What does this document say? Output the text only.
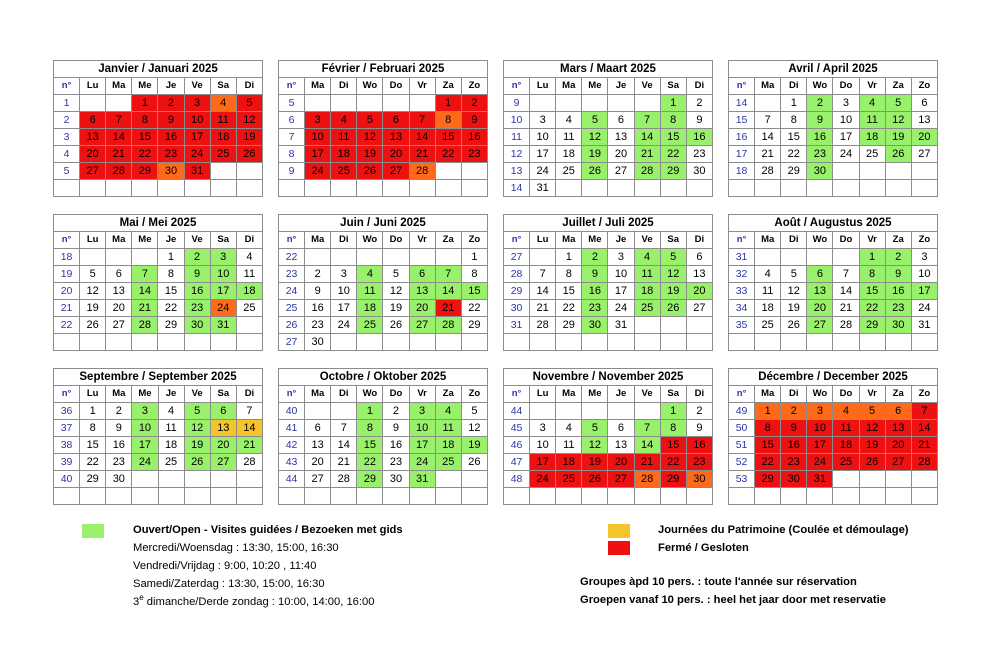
Janvier / Januari 2025							
n°	Lu	Ma	Me	Je	Ve	Sa	Di
1			1	2	3	4	5
2	6	7	8	9	10	11	12
3	13	14	15	16	17	18	19
4	20	21	22	23	24	25	26
5	27	28	29	30	31		

Février / Februari 2025							
n°	Ma	Di	Wo	Do	Vr	Za	Zo
5						1	2
6	3	4	5	6	7	8	9
7	10	11	12	13	14	15	16
8	17	18	19	20	21	22	23
9	24	25	26	27	28		

Mars / Maart 2025							
n°	Lu	Ma	Me	Je	Ve	Sa	Di
9						1	2
10	3	4	5	6	7	8	9
11	10	11	12	13	14	15	16
12	17	18	19	20	21	22	23
13	24	25	26	27	28	29	30
14	31						
Avril / April 2025							
n°	Ma	Di	Wo	Do	Vr	Za	Zo
14		1	2	3	4	5	6
15	7	8	9	10	11	12	13
16	14	15	16	17	18	19	20
17	21	22	23	24	25	26	27
18	28	29	30				

Mai / Mei 2025							
n°	Lu	Ma	Me	Je	Ve	Sa	Di
18				1	2	3	4
19	5	6	7	8	9	10	11
20	12	13	14	15	16	17	18
21	19	20	21	22	23	24	25
22	26	27	28	29	30	31	

Juin / Juni 2025							
n°	Ma	Di	Wo	Do	Vr	Za	Zo
22							1
23	2	3	4	5	6	7	8
24	9	10	11	12	13	14	15
25	16	17	18	19	20	21	22
26	23	24	25	26	27	28	29
27	30						
Juillet / Juli 2025							
n°	Lu	Ma	Me	Je	Ve	Sa	Di
27		1	2	3	4	5	6
28	7	8	9	10	11	12	13
29	14	15	16	17	18	19	20
30	21	22	23	24	25	26	27
31	28	29	30	31			

Août / Augustus 2025							
n°	Ma	Di	Wo	Do	Vr	Za	Zo
31					1	2	3
32	4	5	6	7	8	9	10
33	11	12	13	14	15	16	17
34	18	19	20	21	22	23	24
35	25	26	27	28	29	30	31

Septembre / September 2025							
n°	Lu	Ma	Me	Je	Ve	Sa	Di
36	1	2	3	4	5	6	7
37	8	9	10	11	12	13	14
38	15	16	17	18	19	20	21
39	22	23	24	25	26	27	28
40	29	30					

Octobre / Oktober 2025							
n°	Ma	Di	Wo	Do	Vr	Za	Zo
40			1	2	3	4	5
41	6	7	8	9	10	11	12
42	13	14	15	16	17	18	19
43	20	21	22	23	24	25	26
44	27	28	29	30	31		

Novembre / November 2025							
n°	Lu	Ma	Me	Je	Ve	Sa	Di
44						1	2
45	3	4	5	6	7	8	9
46	10	11	12	13	14	15	16
47	17	18	19	20	21	22	23
48	24	25	26	27	28	29	30

Décembre / December 2025							
n°	Ma	Di	Wo	Do	Vr	Za	Zo
49	1	2	3	4	5	6	7
50	8	9	10	11	12	13	14
51	15	16	17	18	19	20	21
52	22	23	24	25	26	27	28
53	29	30	31				

Ouvert/Open - Visites guidées / Bezoeken met gids
Mercredi/Woensdag : 13:30, 15:00, 16:30
Vendredi/Vrijdag : 9:00, 10:20 , 11:40
Samedi/Zaterdag : 13:30, 15:00, 16:30
3e dimanche/Derde zondag : 10:00, 14:00, 16:00
Journées du Patrimoine (Coulée et démoulage)
Fermé / Gesloten
Groupes àpd 10 pers. : toute l'année sur réservation
Groepen vanaf 10 pers. : heel het jaar door met reservatie
